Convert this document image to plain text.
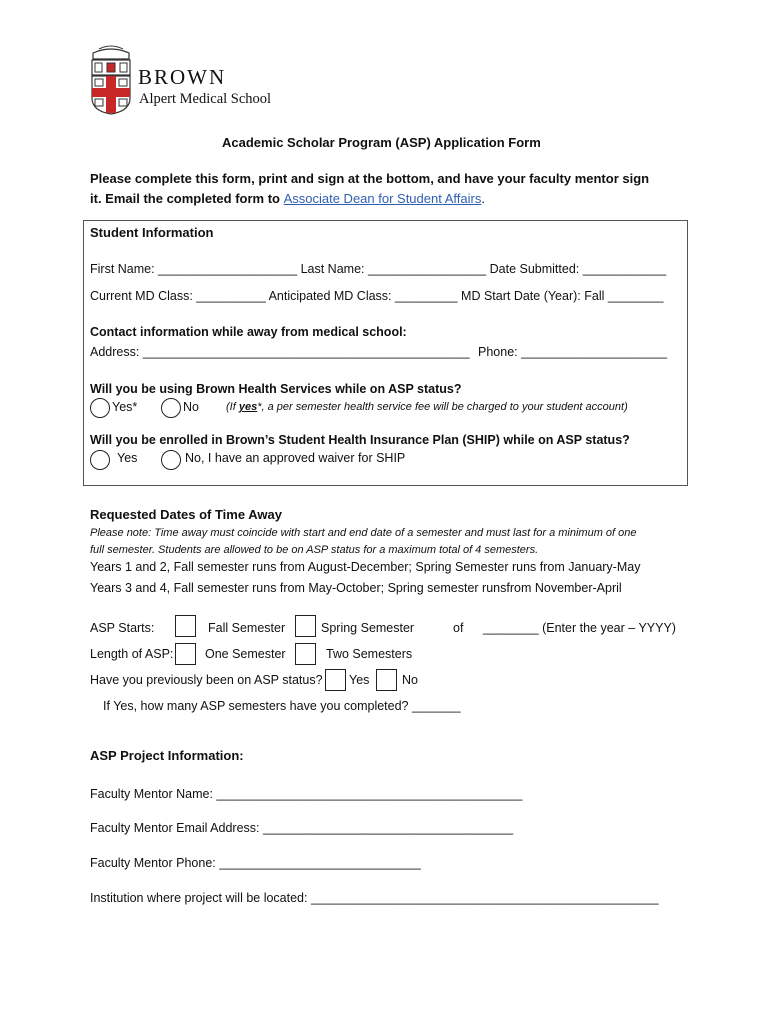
BROWN
Alpert Medical School
Academic Scholar Program (ASP) Application Form
Please complete this form, print and sign at the bottom, and have your faculty mentor sign
it. Email the completed form to Associate Dean for Student Affairs.
Student Information
First Name: ____________________ Last Name: _________________ Date Submitted: ____________
Current MD Class: __________ Anticipated MD Class: _________ MD Start Date (Year): Fall ________
Contact information while away from medical school:
Address: _______________________________________________ Phone: _____________________
Will you be using Brown Health Services while on ASP status?
Yes*	No (If yes*, a per semester health service fee will be charged to your student account)
Will you be enrolled in Brown’s Student Health Insurance Plan (SHIP) while on ASP status?
Yes	No, I have an approved waiver for SHIP
Requested Dates of Time Away
Please note: Time away must coincide with start and end date of a semester and must last for a minimum of one
full semester. Students are allowed to be on ASP status for a maximum total of 4 semesters.
Years 1 and 2, Fall semester runs from August-December; Spring Semester runs from January-May
Years 3 and 4, Fall semester runs from May-October; Spring semester runsfrom November-April
ASP Starts:	Fall Semester	Spring Semester	of ________ (Enter the year – YYYY)
Length of ASP:	One Semester	Two Semesters
Have you previously been on ASP status? Yes	No
If Yes, how many ASP semesters have you completed? _______
ASP Project Information:
Faculty Mentor Name: ____________________________________________
Faculty Mentor Email Address: ____________________________________
Faculty Mentor Phone: _____________________________
Institution where project will be located: __________________________________________________
